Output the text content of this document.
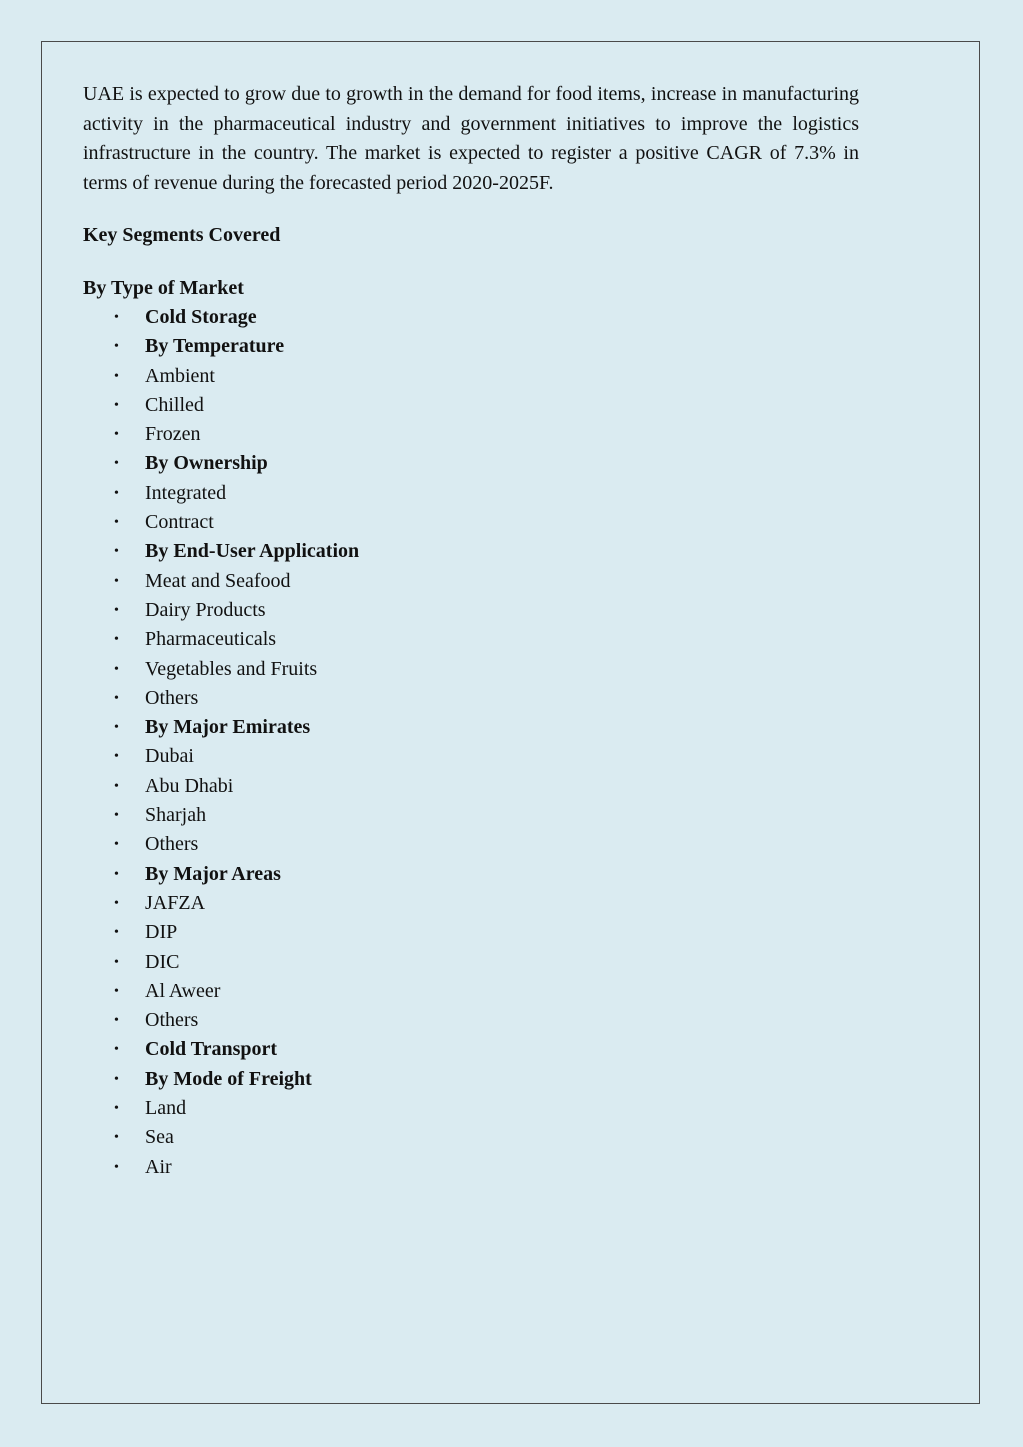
UAE is expected to grow due to growth in the demand for food items, increase in manufacturing activity in the pharmaceutical industry and government initiatives to improve the logistics infrastructure in the country. The market is expected to register a positive CAGR of 7.3% in terms of revenue during the forecasted period 2020-2025F.

Key Segments Covered

By Type of Market

• Cold Storage
• By Temperature
• Ambient
• Chilled
• Frozen
• By Ownership
• Integrated
• Contract
• By End-User Application
• Meat and Seafood
• Dairy Products
• Pharmaceuticals
• Vegetables and Fruits
• Others
• By Major Emirates
• Dubai
• Abu Dhabi
• Sharjah
• Others
• By Major Areas
• JAFZA
• DIP
• DIC
• Al Aweer
• Others
• Cold Transport
• By Mode of Freight
• Land
• Sea
• Air
